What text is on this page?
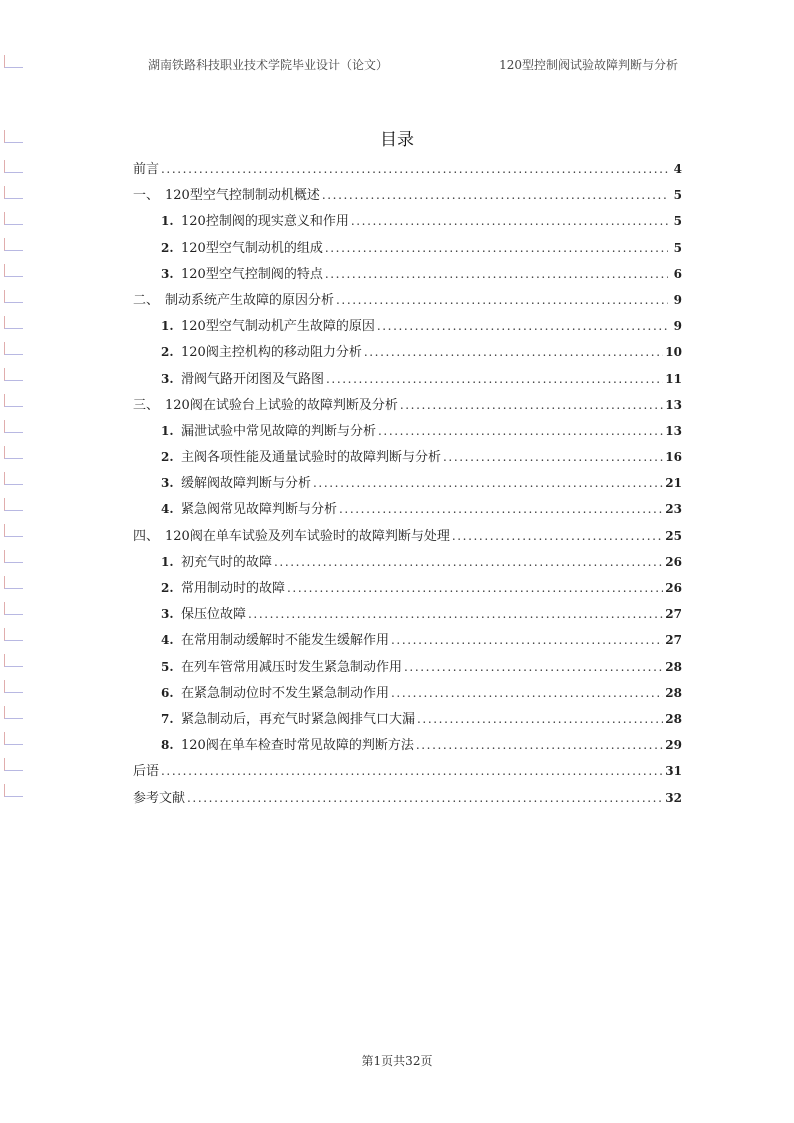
湖南铁路科技职业技术学院毕业设计（论文）	120型控制阀试验故障判断与分析
目录
前言 .....	4
一、 120型空气控制制动机概述 .....	5
1. 120控制阀的现实意义和作用 .....	5
2. 120型空气制动机的组成 .....	5
3. 120型空气控制阀的特点 .....	6
二、 制动系统产生故障的原因分析 .....	9
1. 120型空气制动机产生故障的原因 .....	9
2. 120阀主控机构的移动阻力分析 .....	10
3. 滑阀气路开闭图及气路图 .....	11
三、 120阀在试验台上试验的故障判断及分析 .....	13
1. 漏泄试验中常见故障的判断与分析 .....	13
2. 主阀各项性能及通量试验时的故障判断与分析 .....	16
3. 缓解阀故障判断与分析 .....	21
4. 紧急阀常见故障判断与分析 .....	23
四、 120阀在单车试验及列车试验时的故障判断与处理 .....	25
1. 初充气时的故障 .....	26
2. 常用制动时的故障 .....	26
3. 保压位故障 .....	27
4. 在常用制动缓解时不能发生缓解作用 .....	27
5. 在列车管常用减压时发生紧急制动作用 .....	28
6. 在紧急制动位时不发生紧急制动作用 .....	28
7. 紧急制动后，再充气时紧急阀排气口大漏 .....	28
8. 120阀在单车检查时常见故障的判断方法 .....	29
后语 .....	31
参考文献 .....	32
第1页共32页
